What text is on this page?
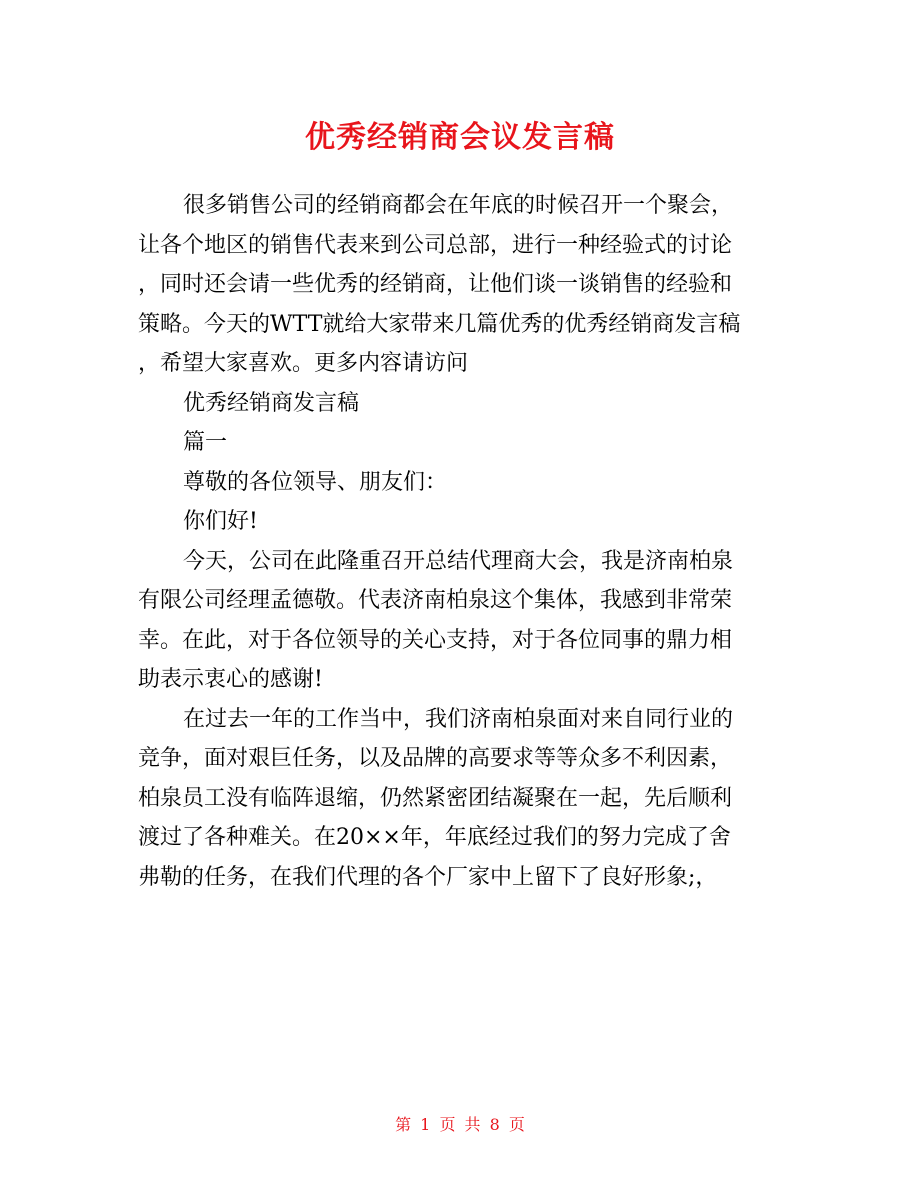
优秀经销商会议发言稿
很多销售公司的经销商都会在年底的时候召开一个聚会，
让各个地区的销售代表来到公司总部，进行一种经验式的讨论
，同时还会请一些优秀的经销商，让他们谈一谈销售的经验和
策略。今天的WTT就给大家带来几篇优秀的优秀经销商发言稿
，希望大家喜欢。更多内容请访问
优秀经销商发言稿
篇一
尊敬的各位领导、朋友们：
你们好!
今天，公司在此隆重召开总结代理商大会，我是济南柏泉
有限公司经理孟德敬。代表济南柏泉这个集体，我感到非常荣
幸。在此，对于各位领导的关心支持，对于各位同事的鼎力相
助表示衷心的感谢!
在过去一年的工作当中，我们济南柏泉面对来自同行业的
竞争，面对艰巨任务，以及品牌的高要求等等众多不利因素，
柏泉员工没有临阵退缩，仍然紧密团结凝聚在一起，先后顺利
渡过了各种难关。在20××年，年底经过我们的努力完成了舍
弗勒的任务，在我们代理的各个厂家中上留下了良好形象;，
第 1 页 共 8 页
